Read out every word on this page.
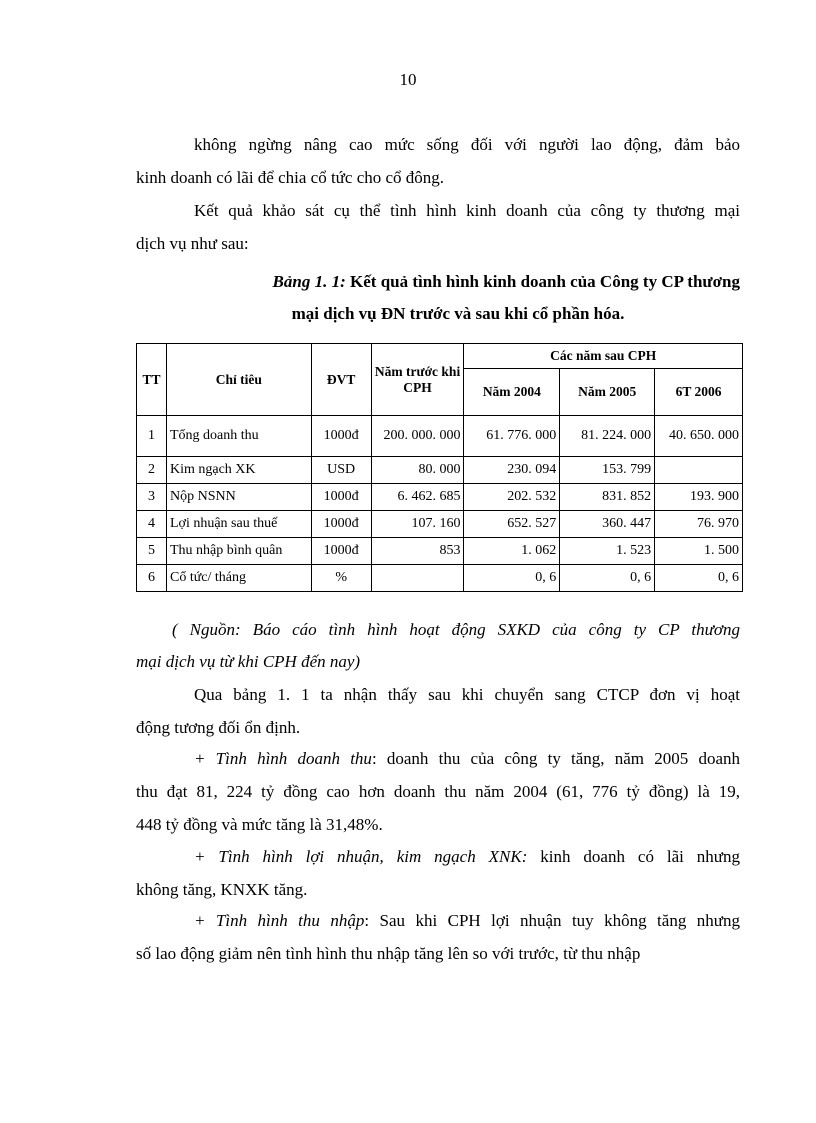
10

không ngừng nâng cao mức sống đối với người lao động, đảm bảo
kinh doanh có lãi để chia cổ tức cho cổ đông.

Kết quả khảo sát cụ thể tình hình kinh doanh của công ty thương mại
dịch vụ như sau:

Bảng 1. 1: Kết quả tình hình kinh doanh của Công ty CP thương
mại dịch vụ ĐN trước và sau khi cổ phần hóa.
TT	Chỉ tiêu	ĐVT	Năm trước khi CPH	Các năm sau CPH		
				Năm 2004	Năm 2005	6T 2006
1	Tổng doanh thu	1000đ	200. 000. 000	61. 776. 000	81. 224. 000	40. 650. 000
2	Kim ngạch XK	USD	80. 000	230. 094	153. 799	
3	Nộp NSNN	1000đ	6. 462. 685	202. 532	831. 852	193. 900
4	Lợi nhuận sau thuế	1000đ	107. 160	652. 527	360. 447	76. 970
5	Thu nhập bình quân	1000đ	853	1. 062	1. 523	1. 500
6	Cổ tức/ tháng	%		0, 6	0, 6	0, 6
( Nguồn: Báo cáo tình hình hoạt động SXKD của công ty CP thương
mại dịch vụ từ khi CPH đến nay)

Qua bảng 1. 1 ta nhận thấy sau khi chuyển sang CTCP đơn vị hoạt
động tương đối ổn định.

+ Tình hình doanh thu: doanh thu của công ty tăng, năm 2005 doanh
thu đạt 81, 224 tỷ đồng cao hơn doanh thu năm 2004 (61, 776 tỷ đồng) là 19,
448 tỷ đồng và mức tăng là 31,48%.

+ Tình hình lợi nhuận, kim ngạch XNK: kinh doanh có lãi nhưng
không tăng, KNXK tăng.

+ Tình hình thu nhập: Sau khi CPH lợi nhuận tuy không tăng nhưng
số lao động giảm nên tình hình thu nhập tăng lên so với trước, từ thu nhập
